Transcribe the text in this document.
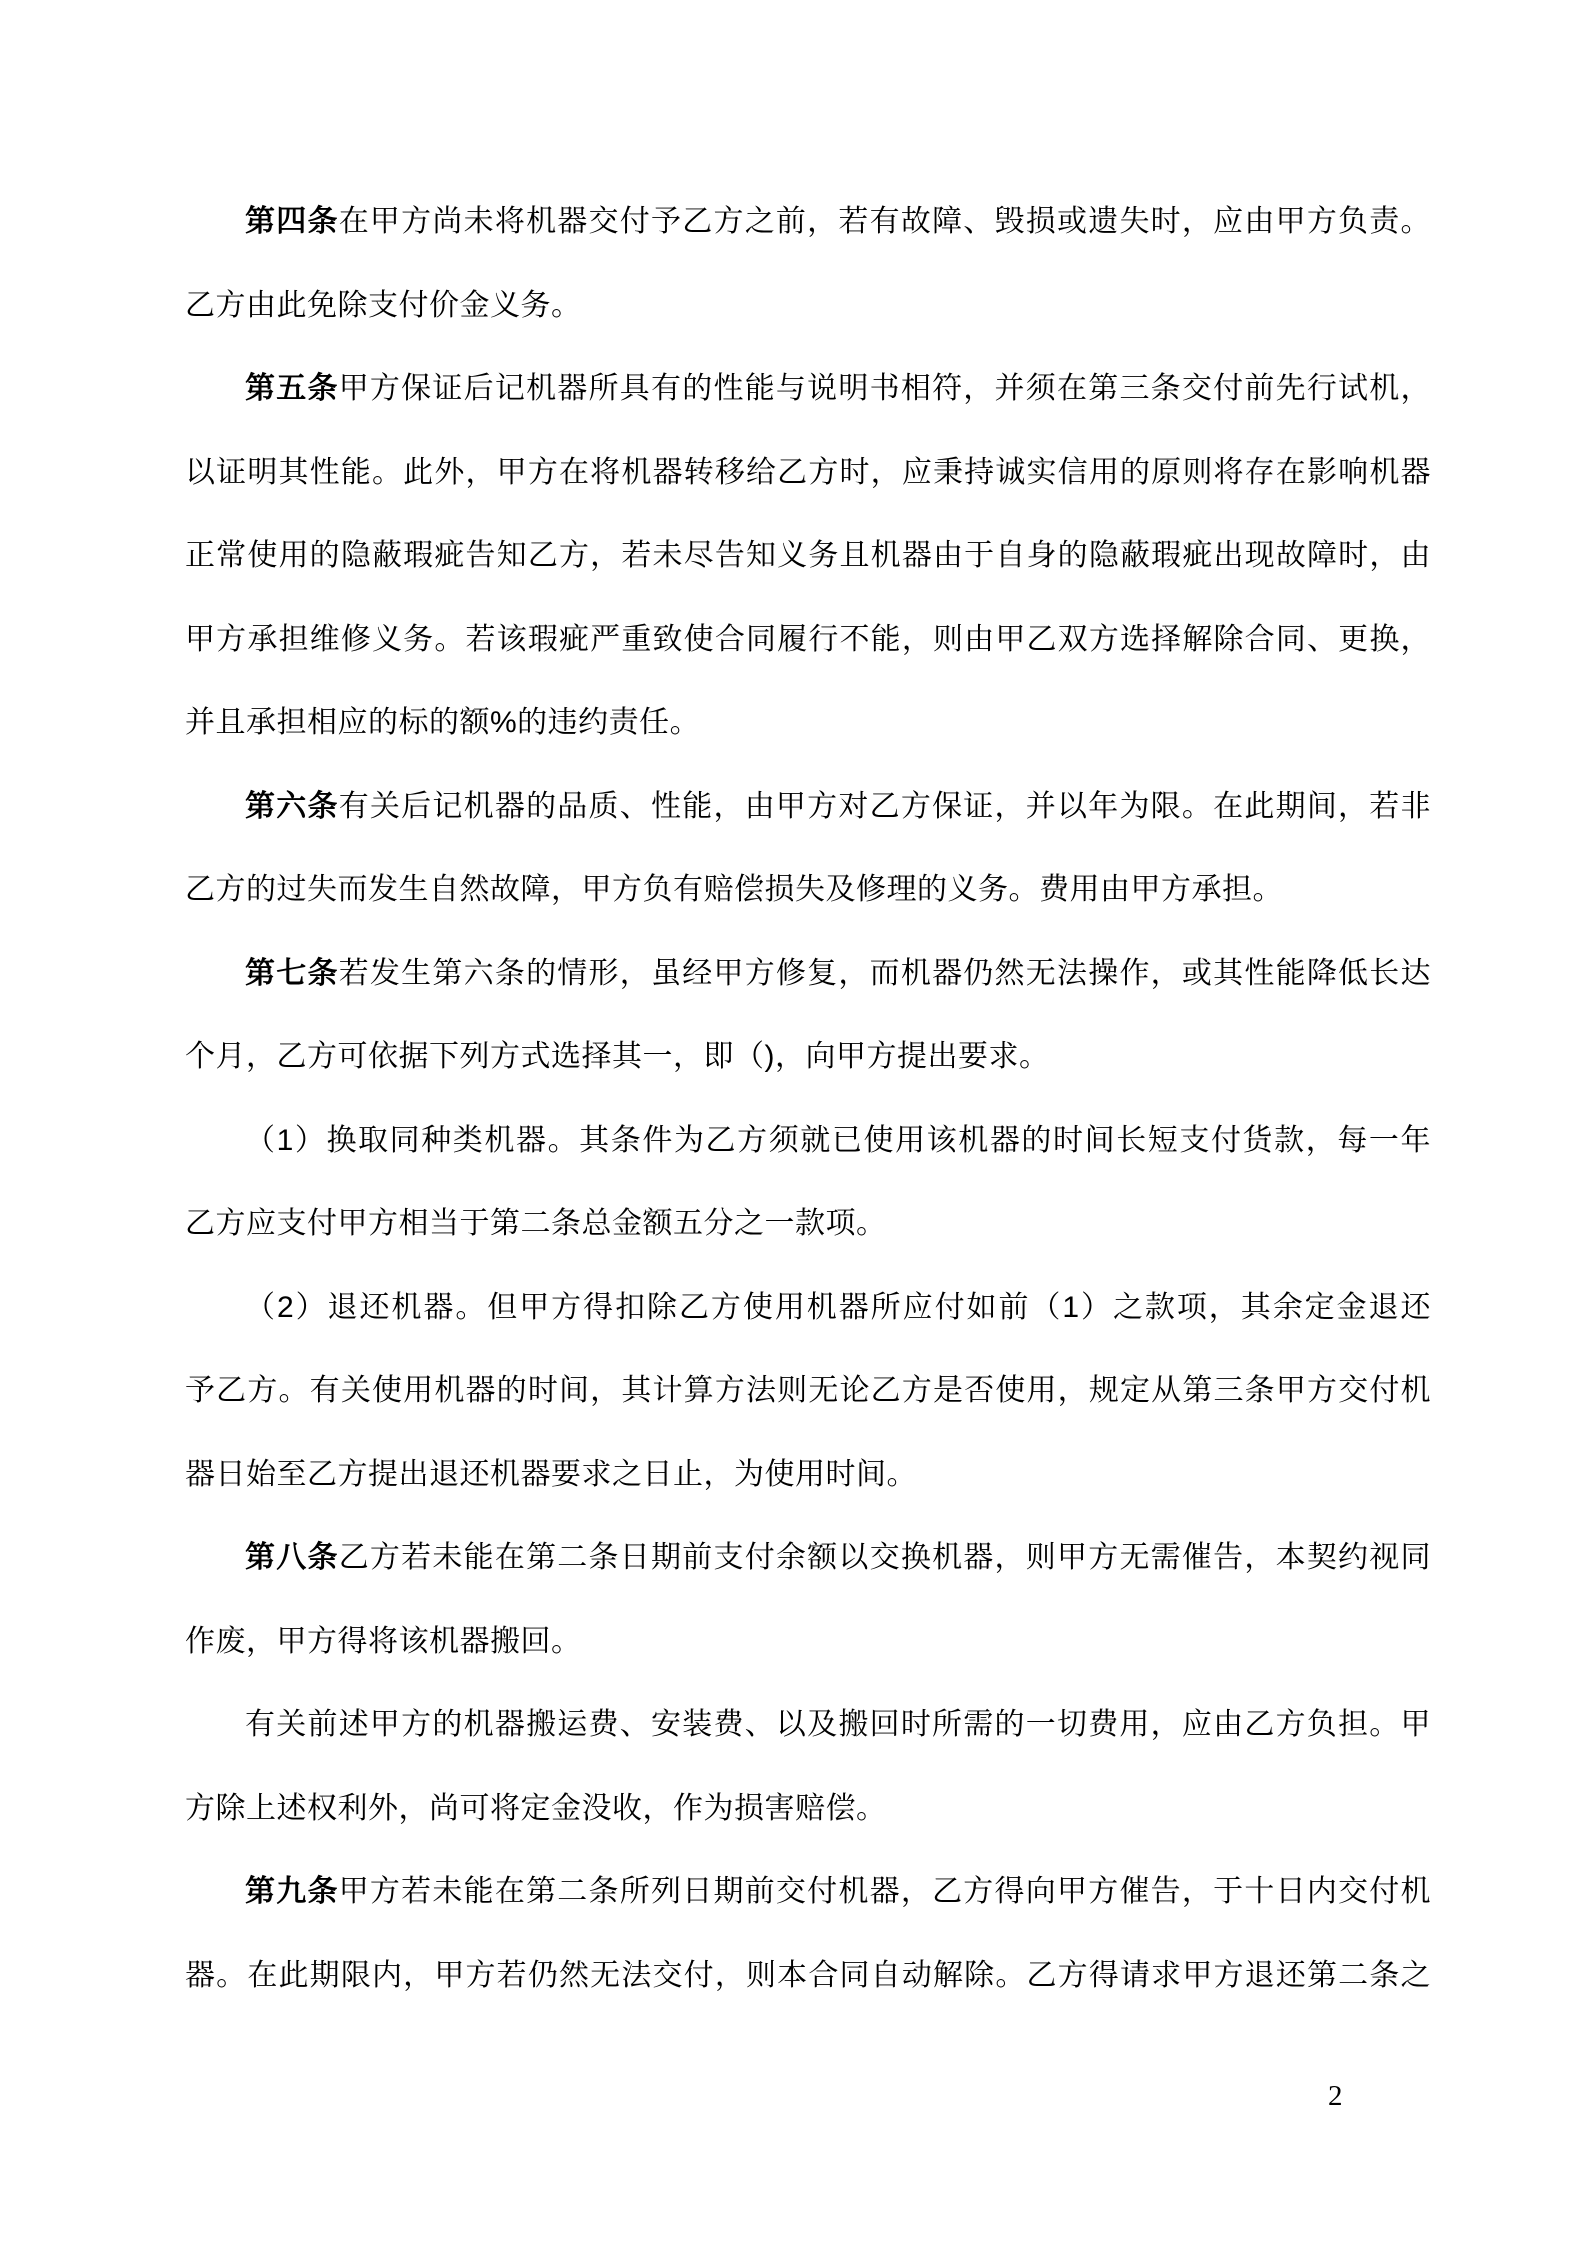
第四条在甲方尚未将机器交付予乙方之前，若有故障、毁损或遗失时，应由甲方负责。
乙方由此免除支付价金义务。
第五条甲方保证后记机器所具有的性能与说明书相符，并须在第三条交付前先行试机，
以证明其性能。此外，甲方在将机器转移给乙方时，应秉持诚实信用的原则将存在影响机器
正常使用的隐蔽瑕疵告知乙方，若未尽告知义务且机器由于自身的隐蔽瑕疵出现故障时，由
甲方承担维修义务。若该瑕疵严重致使合同履行不能，则由甲乙双方选择解除合同、更换，
并且承担相应的标的额%的违约责任。
第六条有关后记机器的品质、性能，由甲方对乙方保证，并以年为限。在此期间，若非
乙方的过失而发生自然故障，甲方负有赔偿损失及修理的义务。费用由甲方承担。
第七条若发生第六条的情形，虽经甲方修复，而机器仍然无法操作，或其性能降低长达
个月，乙方可依据下列方式选择其一，即（)，向甲方提出要求。
（1）换取同种类机器。其条件为乙方须就已使用该机器的时间长短支付货款，每一年
乙方应支付甲方相当于第二条总金额五分之一款项。
（2）退还机器。但甲方得扣除乙方使用机器所应付如前（1）之款项，其余定金退还
予乙方。有关使用机器的时间，其计算方法则无论乙方是否使用，规定从第三条甲方交付机
器日始至乙方提出退还机器要求之日止，为使用时间。
第八条乙方若未能在第二条日期前支付余额以交换机器，则甲方无需催告，本契约视同
作废，甲方得将该机器搬回。
有关前述甲方的机器搬运费、安装费、以及搬回时所需的一切费用，应由乙方负担。甲
方除上述权利外，尚可将定金没收，作为损害赔偿。
第九条甲方若未能在第二条所列日期前交付机器，乙方得向甲方催告，于十日内交付机
器。在此期限内，甲方若仍然无法交付，则本合同自动解除。乙方得请求甲方退还第二条之
2
